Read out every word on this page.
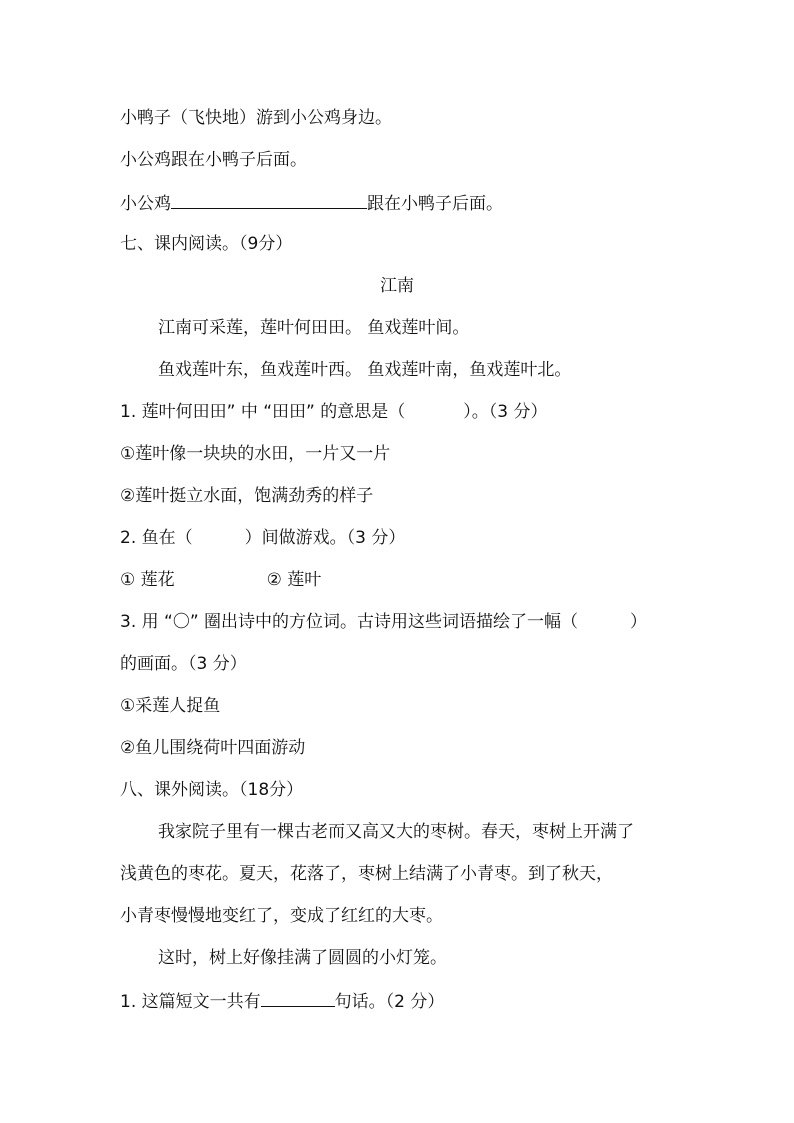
小鸭子（飞快地）游到小公鸡身边。
小公鸡跟在小鸭子后面。
小公鸡	跟在小鸭子后面。
七、课内阅读。（9分）
江南
江南可采莲，莲叶何田田。 鱼戏莲叶间。
鱼戏莲叶东，鱼戏莲叶西。 鱼戏莲叶南，鱼戏莲叶北。
1. 莲叶何田田” 中 “田田” 的意思是（	）。（3 分）
①莲叶像一块块的水田，一片又一片
②莲叶挺立水面，饱满劲秀的样子
2. 鱼在（	）间做游戏。（3 分）
① 莲花	② 莲叶
3. 用 “〇” 圈出诗中的方位词。古诗用这些词语描绘了一幅（	）
的画面。（3 分）
①采莲人捉鱼
②鱼儿围绕荷叶四面游动
八、课外阅读。（18分）
我家院子里有一棵古老而又高又大的枣树。春天，枣树上开满了
浅黄色的枣花。夏天，花落了，枣树上结满了小青枣。到了秋天，
小青枣慢慢地变红了，变成了红红的大枣。
这时，树上好像挂满了圆圆的小灯笼。
1. 这篇短文一共有	句话。（2 分）
